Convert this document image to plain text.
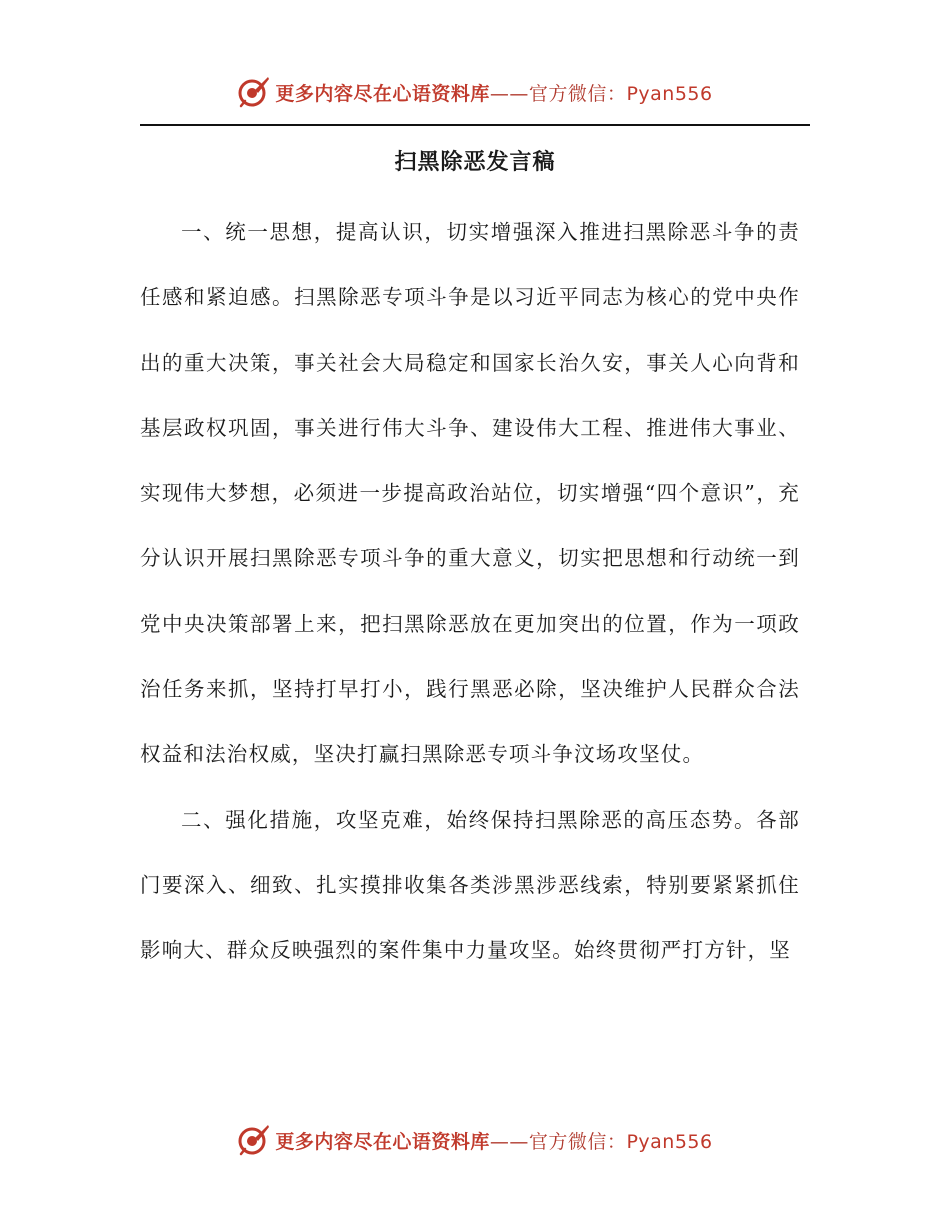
更多内容尽在心语资料库——官方微信：Pyan556
扫黑除恶发言稿

一、统一思想，提高认识，切实增强深入推进扫黑除恶斗争的责任感和紧迫感。扫黑除恶专项斗争是以习近平同志为核心的党中央作出的重大决策，事关社会大局稳定和国家长治久安，事关人心向背和基层政权巩固，事关进行伟大斗争、建设伟大工程、推进伟大事业、实现伟大梦想，必须进一步提高政治站位，切实增强“四个意识”，充分认识开展扫黑除恶专项斗争的重大意义，切实把思想和行动统一到党中央决策部署上来，把扫黑除恶放在更加突出的位置，作为一项政治任务来抓，坚持打早打小，践行黑恶必除，坚决维护人民群众合法权益和法治权威，坚决打赢扫黑除恶专项斗争汶场攻坚仗。

二、强化措施，攻坚克难，始终保持扫黑除恶的高压态势。各部门要深入、细致、扎实摸排收集各类涉黑涉恶线索，特别要紧紧抓住影响大、群众反映强烈的案件集中力量攻坚。始终贯彻严打方针，坚

更多内容尽在心语资料库——官方微信：Pyan556
